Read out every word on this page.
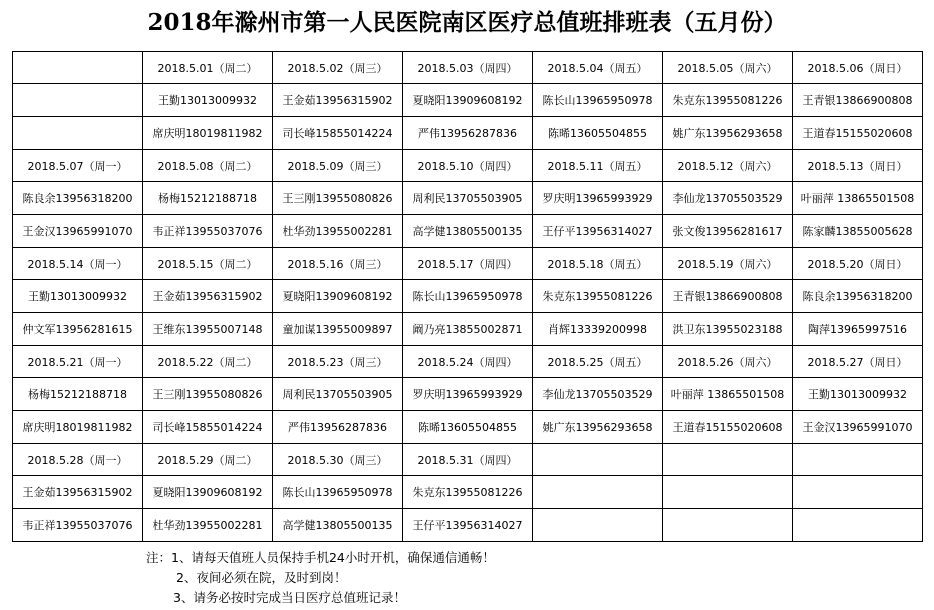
2018年滁州市第一人民医院南区医疗总值班排班表（五月份）
	2018.5.01（周二）	2018.5.02（周三）	2018.5.03（周四）	2018.5.04（周五）	2018.5.05（周六）	2018.5.06（周日）
	王勤13013009932	王金茹13956315902	夏晓阳13909608192	陈长山13965950978	朱克东13955081226	王青银13866900808
	席庆明18019811982	司长峰15855014224	严伟13956287836	陈晞13605504855	姚广东13956293658	王道春15155020608
2018.5.07（周一）	2018.5.08（周二）	2018.5.09（周三）	2018.5.10（周四）	2018.5.11（周五）	2018.5.12（周六）	2018.5.13（周日）
陈良余13956318200	杨梅15212188718	王三刚13955080826	周利民13705503905	罗庆明13965993929	李仙龙13705503529	叶丽萍 13865501508
王金汉13965991070	韦正祥13955037076	杜华劲13955002281	高学健13805500135	王仔平13956314027	张文俊13956281617	陈家麟13855005628
2018.5.14（周一）	2018.5.15（周二）	2018.5.16（周三）	2018.5.17（周四）	2018.5.18（周五）	2018.5.19（周六）	2018.5.20（周日）
王勤13013009932	王金茹13956315902	夏晓阳13909608192	陈长山13965950978	朱克东13955081226	王青银13866900808	陈良余13956318200
仲文军13956281615	王维东13955007148	童加谋13955009897	阚乃亮13855002871	肖辉13339200998	洪卫东13955023188	陶萍13965997516
2018.5.21（周一）	2018.5.22（周二）	2018.5.23（周三）	2018.5.24（周四）	2018.5.25（周五）	2018.5.26（周六）	2018.5.27（周日）
杨梅15212188718	王三刚13955080826	周利民13705503905	罗庆明13965993929	李仙龙13705503529	叶丽萍 13865501508	王勤13013009932
席庆明18019811982	司长峰15855014224	严伟13956287836	陈晞13605504855	姚广东13956293658	王道春15155020608	王金汉13965991070
2018.5.28（周一）	2018.5.29（周二）	2018.5.30（周三）	2018.5.31（周四）			
王金茹13956315902	夏晓阳13909608192	陈长山13965950978	朱克东13955081226			
韦正祥13955037076	杜华劲13955002281	高学健13805500135	王仔平13956314027			
注：1、请每天值班人员保持手机24小时开机，确保通信通畅！
2、夜间必须在院，及时到岗！
3、请务必按时完成当日医疗总值班记录！
